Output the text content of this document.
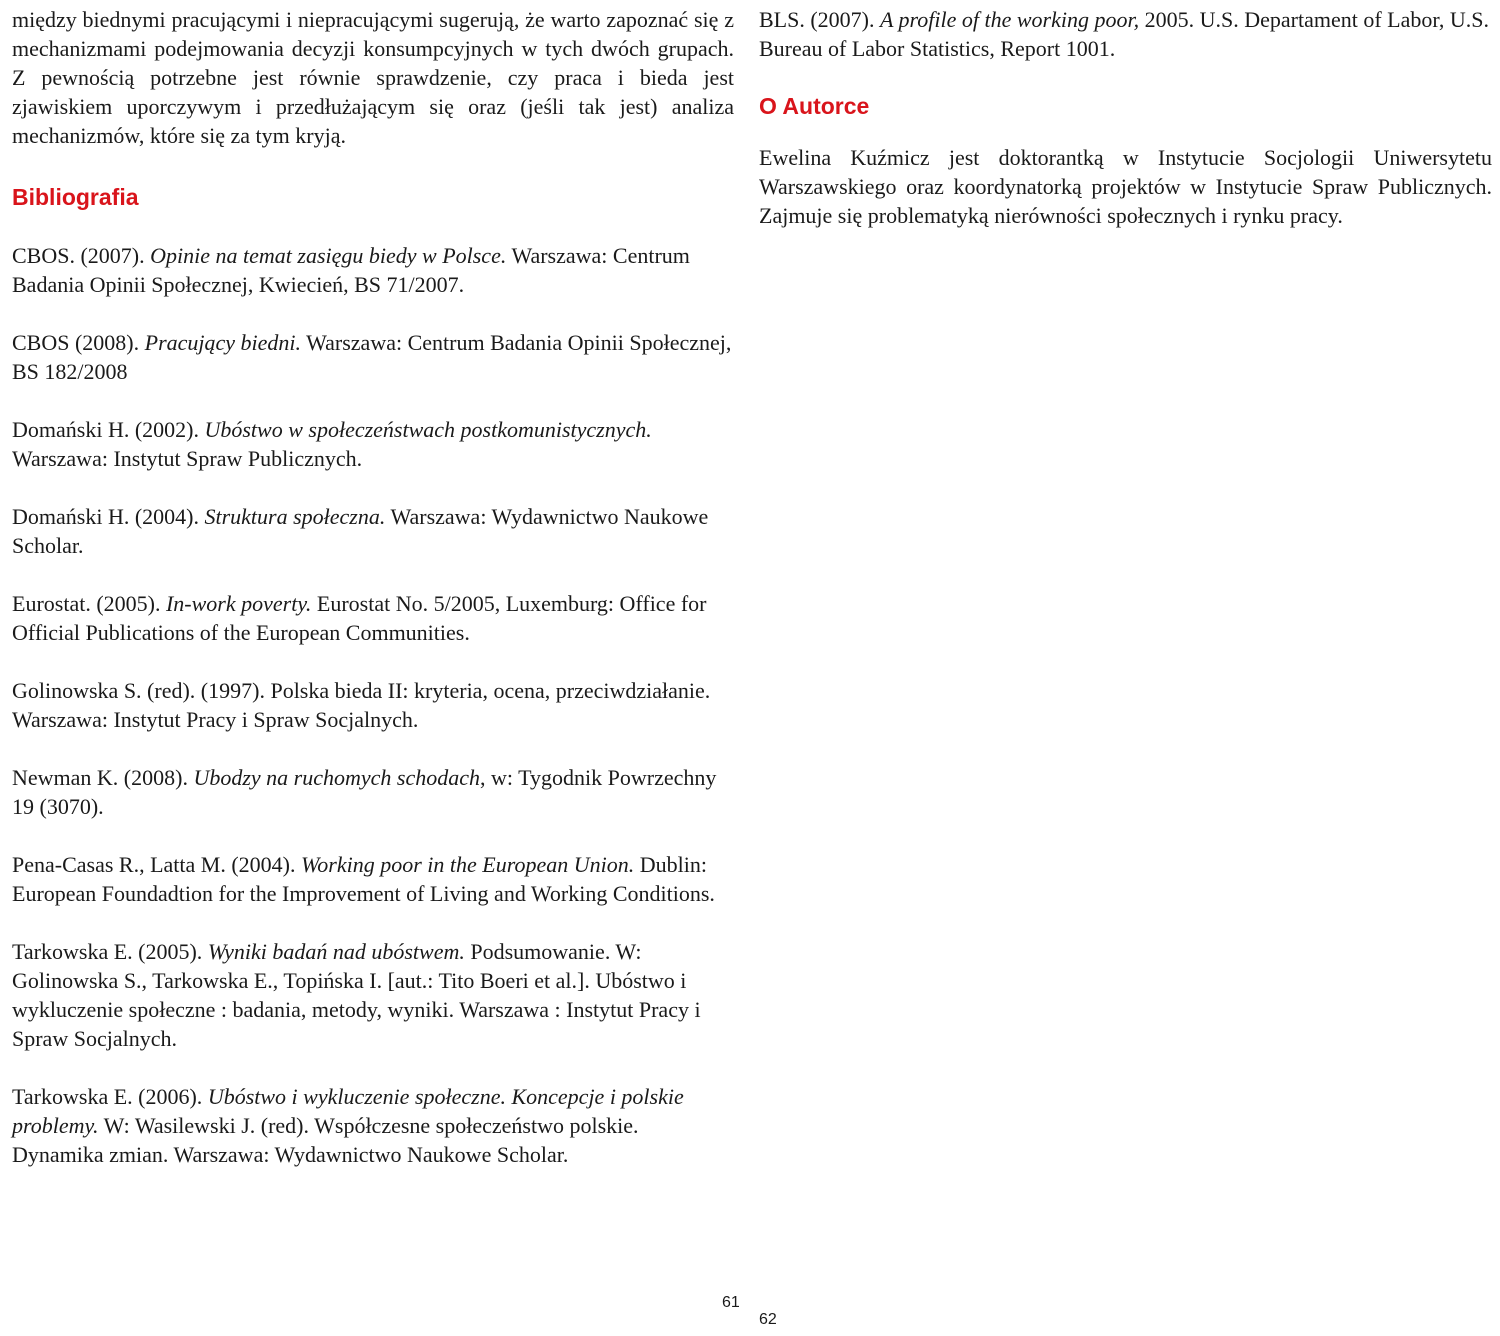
między biednymi pracującymi i niepracującymi sugerują, że warto zapoznać się z mechanizmami podejmowania decyzji konsumpcyjnych w tych dwóch grupach. Z pewnością potrzebne jest równie sprawdzenie, czy praca i bieda jest zjawiskiem uporczywym i przedłużającym się oraz (jeśli tak jest) analiza mechanizmów, które się za tym kryją.

Bibliografia
CBOS. (2007). Opinie na temat zasięgu biedy w Polsce. Warszawa: Centrum Badania Opinii Społecznej, Kwiecień, BS 71/2007.
CBOS (2008). Pracujący biedni. Warszawa: Centrum Badania Opinii Społecznej, BS 182/2008
Domański H. (2002). Ubóstwo w społeczeństwach postkomunistycznych. Warszawa: Instytut Spraw Publicznych.
Domański H. (2004). Struktura społeczna. Warszawa: Wydawnictwo Naukowe Scholar.
Eurostat. (2005). In-work poverty. Eurostat No. 5/2005, Luxemburg: Office for Official Publications of the European Communities.
Golinowska S. (red). (1997). Polska bieda II: kryteria, ocena, przeciwdziałanie. Warszawa: Instytut Pracy i Spraw Socjalnych.
Newman K. (2008). Ubodzy na ruchomych schodach, w: Tygodnik Powrzechny 19 (3070).
Pena-Casas R., Latta M. (2004). Working poor in the European Union. Dublin: European Foundadtion for the Improvement of Living and Working Conditions.
Tarkowska E. (2005). Wyniki badań nad ubóstwem. Podsumowanie. W: Golinowska S., Tarkowska E., Topińska I. [aut.: Tito Boeri et al.]. Ubóstwo i wykluczenie społeczne : badania, metody, wyniki. Warszawa : Instytut Pracy i Spraw Socjalnych.
Tarkowska E. (2006). Ubóstwo i wykluczenie społeczne. Koncepcje i polskie problemy. W: Wasilewski J. (red). Współczesne społeczeństwo polskie. Dynamika zmian. Warszawa: Wydawnictwo Naukowe Scholar.
BLS. (2007). A profile of the working poor, 2005. U.S. Departament of Labor, U.S. Bureau of Labor Statistics, Report 1001.
O Autorce

Ewelina Kuźmicz jest doktorantką w Instytucie Socjologii Uniwersytetu Warszawskiego oraz koordynatorką projektów w Instytucie Spraw Publicznych. Zajmuje się problematyką nierówności społecznych i rynku pracy.

61
62
